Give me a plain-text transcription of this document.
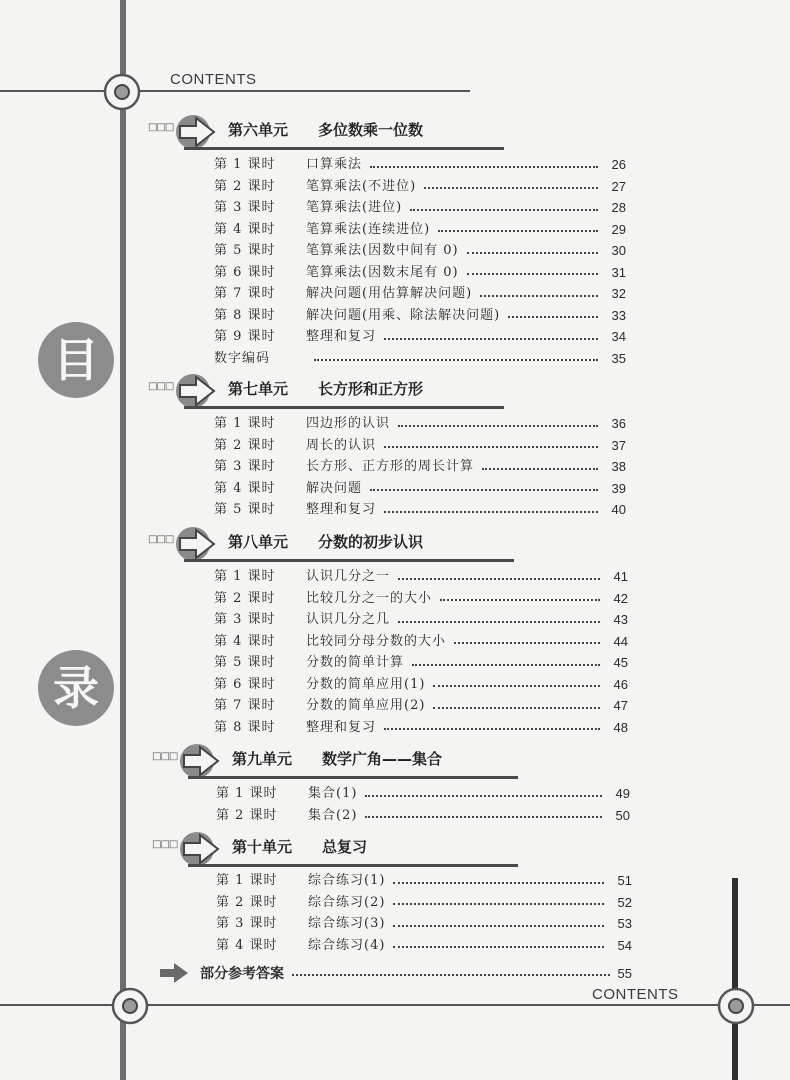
CONTENTS
CONTENTS
目
录
□□□	第六单元 多位数乘一位数
第 1 课时	口算乘法	26
第 2 课时	笔算乘法(不进位)	27
第 3 课时	笔算乘法(进位)	28
第 4 课时	笔算乘法(连续进位)	29
第 5 课时	笔算乘法(因数中间有 0)	30
第 6 课时	笔算乘法(因数末尾有 0)	31
第 7 课时	解决问题(用估算解决问题)	32
第 8 课时	解决问题(用乘、除法解决问题)	33
第 9 课时	整理和复习	34
数字编码	35
□□□	第七单元 长方形和正方形
第 1 课时	四边形的认识	36
第 2 课时	周长的认识	37
第 3 课时	长方形、正方形的周长计算	38
第 4 课时	解决问题	39
第 5 课时	整理和复习	40
□□□	第八单元 分数的初步认识
第 1 课时	认识几分之一	41
第 2 课时	比较几分之一的大小	42
第 3 课时	认识几分之几	43
第 4 课时	比较同分母分数的大小	44
第 5 课时	分数的简单计算	45
第 6 课时	分数的简单应用(1)	46
第 7 课时	分数的简单应用(2)	47
第 8 课时	整理和复习	48
□□□	第九单元 数学广角——集合
第 1 课时	集合(1)	49
第 2 课时	集合(2)	50
□□□	第十单元 总复习
第 1 课时	综合练习(1)	51
第 2 课时	综合练习(2)	52
第 3 课时	综合练习(3)	53
第 4 课时	综合练习(4)	54
部分参考答案	55
